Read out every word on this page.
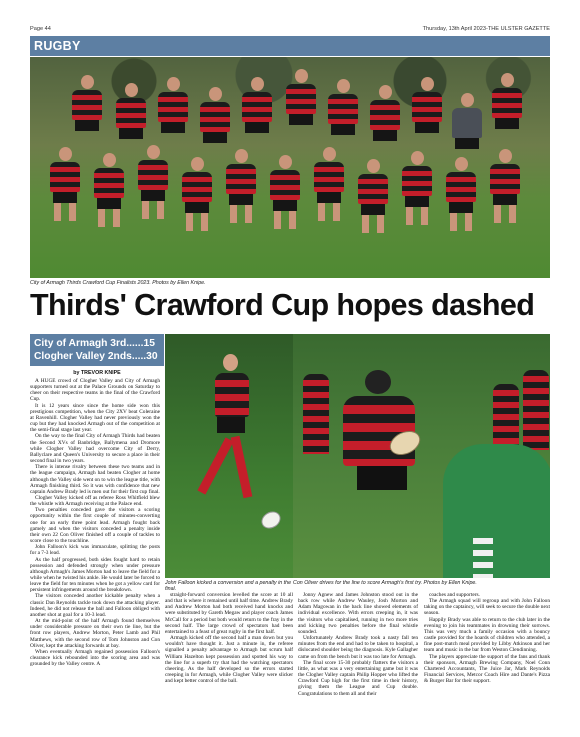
Page 44	Thursday, 13th April 2023-THE ULSTER GAZETTE
RUGBY
City of Armagh Thirds Crawford Cup Finalists 2023. Photos by Ellen Knipe.
Thirds' Crawford Cup hopes dashed
City of Armagh 3rd......15
Clogher Valley 2nds.....30
by TREVOR KNIPE

A HUGE crowd of Clogher Valley and City of Armagh supporters turned out at the Palace Grounds on Saturday to cheer on their respective teams in the final of the Crawford Cup.

It is 12 years since since the home side won this prestigious competition, when the City 2XV beat Coleraine at Ravenhill. Clogher Valley had never previously won the cup but they had knocked Armagh out of the competition at the semi-final stage last year.

On the way to the final City of Armagh Thirds had beaten the Second XVs of Banbridge, Ballymena and Dromore while Clogher Valley had overcome City of Derry, Ballyclare and Queen's University to secure a place in their second final in two years.

There is intense rivalry between these two teams and in the league campaign, Armagh had beaten Clogher at home although the Valley side went on to win the league title, with Armagh finishing third. So it was with confidence that new captain Andrew Brady led is men out for their first cup final.

Clogher Valley kicked off as referee Ross Whitfield blew the whistle with Armagh receiving at the Palace end.

Two penalties conceded gave the visitors a scoring opportunity within the first couple of minutes-converting one for an early three point lead. Armagh fought back gamely and when the visitors conceded a penalty inside their own 22 Con Oliver finished off a couple of tackles to score close to the touchline.

John Falloon's kick was immaculate, splitting the posts for a 7-3 lead.

As the half progressed, both sides fought hard to retain possession and defended strongly when under pressure although Armagh's James Morton had to leave the field for a while when he twisted his ankle. He would later be forced to leave the field for ten minutes when he got a yellow card for persistent infringements around the breakdown.

The visitors conceded another kickable penalty when a classic Dan Reynolds tackle took down the attacking player. Indeed, he did not release the ball and Falloon obliged with another shot at goal for a 10-3 lead.

At the mid-point of the half Armagh found themselves under considerable pressure on their own tie line, but the front row players, Andrew Morton, Peter Lamb and Phil Matthews, with the second row of Tom Johnston and Con Oliver, kept the attacking forwards at bay.

When eventually Armagh regained possession Falloon's clearance kick rebounded into the scoring area and was grounded by the Valley centre. A

John Falloon kicked a conversion and a penalty in the final.
Con Oliver drives for the line to score Armagh's first try. Photos by Ellen Knipe.

straight-forward conversion levelled the score at 10 all and that is where it remained until half time. Andrew Brady and Andrew Morton had both received hand knocks and were substituted by Gareth Megaw and player coach James McCall for a period but both would return to the fray in the second half. The large crowd of spectators had been entertained to a feast of great rugby in the first half.

Armagh kicked off the second half a man down but you wouldn't have thought it. Just a minute in, the referee signalled a penalty advantage to Armagh but scrum half William Hazelton kept possession and spotted his way to the line for a superb try that had the watching spectators cheering. As the half developed so the errors started creeping in for Armagh, while Clogher Valley were slicker and kept better control of the ball.

Jonny Agnew and James Johnston stood out in the back row while Andrew Wauley, Josh Morton and Adam Magowan in the back line showed elements of individual excellence. With errors creeping in, it was the visitors who capitalised, running in two more tries and kicking two penalties before the final whistle sounded.

Unfortunately Andrew Brady took a nasty fall ten minutes from the end and had to be taken to hospital, a dislocated shoulder being the diagnosis. Kyle Gallagher came on from the bench but it was too late for Armagh.

The final score 15-30 probably flatters the visitors a little, as what was a very entertaining game but it was the Clogher Valley captain Philip Hopper who lifted the Crawford Cup high for the first time in their history, giving them the League and Cup double. Congratulations to them all and their

coaches and supporters.

The Armagh squad will regroup and with John Falloon taking on the captaincy, will seek to secure the double next season.

Happily Brady was able to return to the club later in the evening to join his teammates in drowning their sorrows. This was very much a family occasion with a bouncy castle provided for the hoards of children who attended, a fine post-match meal provided by Libby Atkinson and her team and music in the bar from Weston Clendinning.

The players appreciate the support of the fans and thank their sponsors, Armagh Brewing Company, Noel Conn Chartered Accountants, The Juice Jar, Mark Reynolds Financial Services, Metcor Coach Hire and Dante's Pizza & Burger Bar for their support.
